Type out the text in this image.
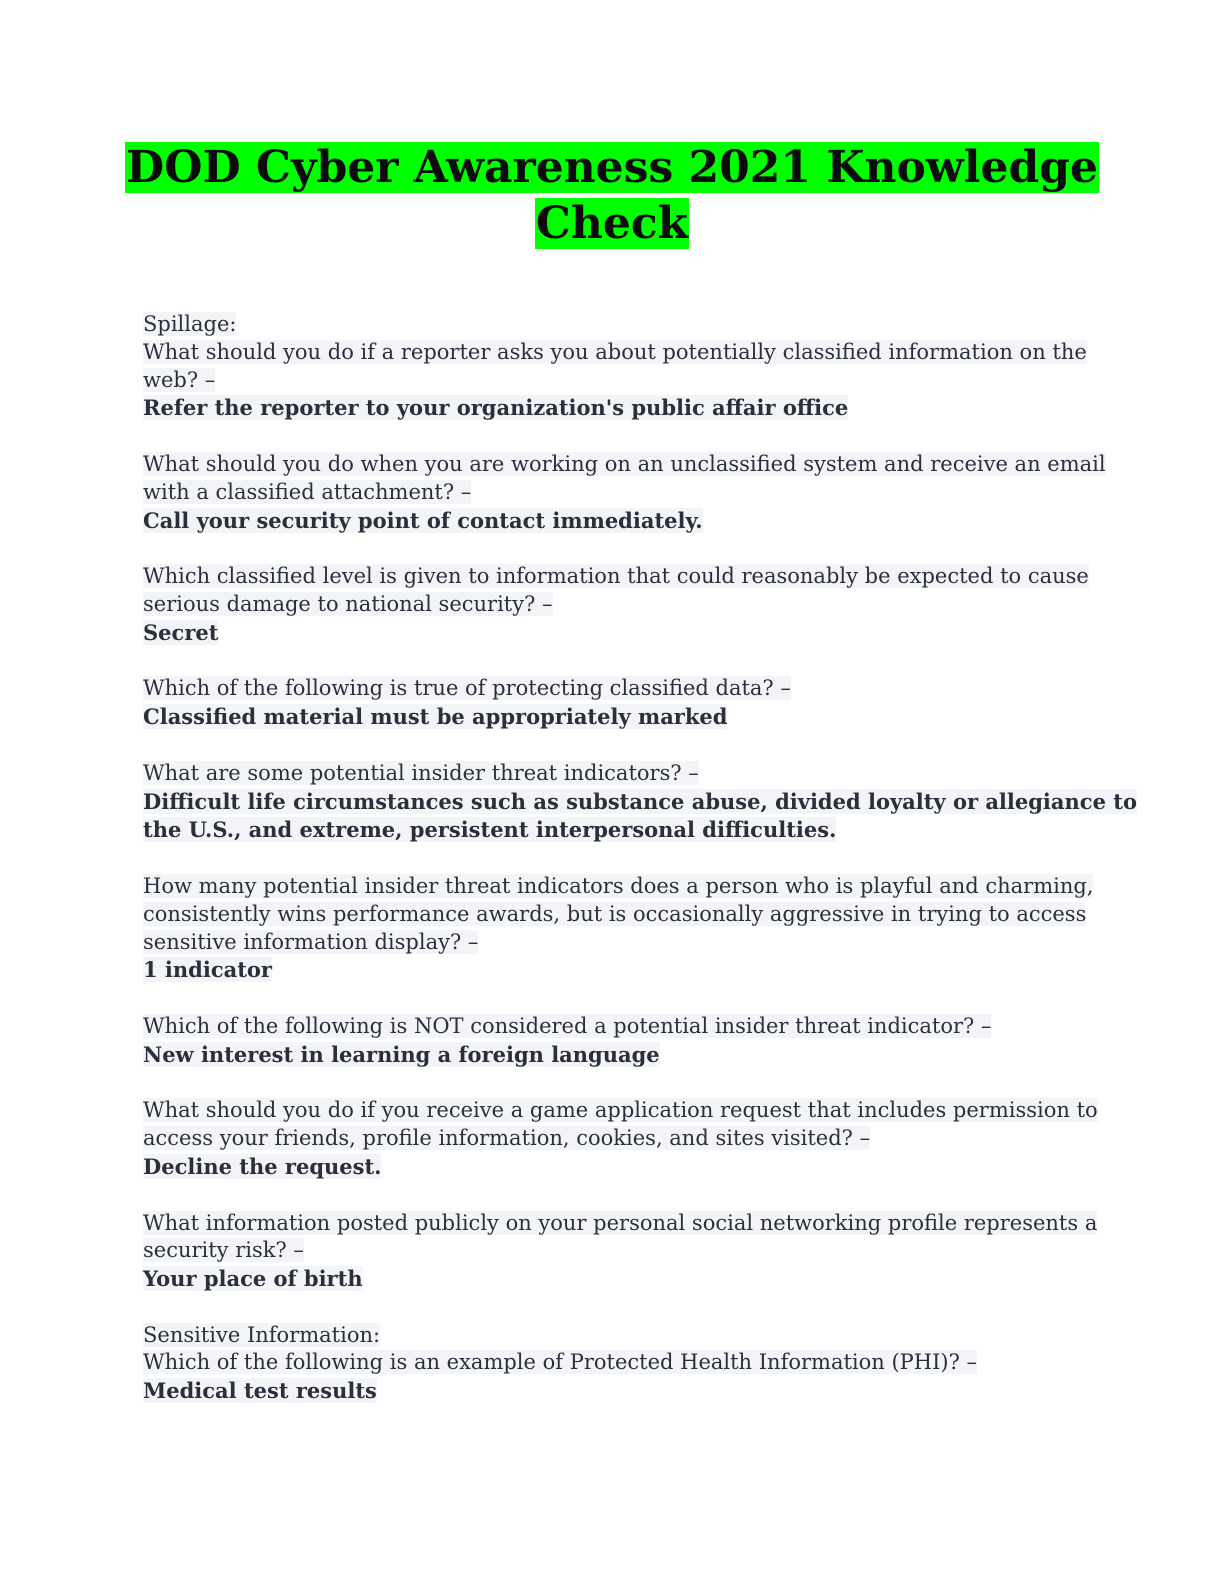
DOD Cyber Awareness 2021 Knowledge
Check
Spillage:
What should you do if a reporter asks you about potentially classified information on the
web? –
Refer the reporter to your organization's public affair office
What should you do when you are working on an unclassified system and receive an email
with a classified attachment? –
Call your security point of contact immediately.
Which classified level is given to information that could reasonably be expected to cause
serious damage to national security? –
Secret
Which of the following is true of protecting classified data? –
Classified material must be appropriately marked
What are some potential insider threat indicators? –
Difficult life circumstances such as substance abuse, divided loyalty or allegiance to
the U.S., and extreme, persistent interpersonal difficulties.
How many potential insider threat indicators does a person who is playful and charming,
consistently wins performance awards, but is occasionally aggressive in trying to access
sensitive information display? –
1 indicator
Which of the following is NOT considered a potential insider threat indicator? –
New interest in learning a foreign language
What should you do if you receive a game application request that includes permission to
access your friends, profile information, cookies, and sites visited? –
Decline the request.
What information posted publicly on your personal social networking profile represents a
security risk? –
Your place of birth
Sensitive Information:
Which of the following is an example of Protected Health Information (PHI)? –
Medical test results
